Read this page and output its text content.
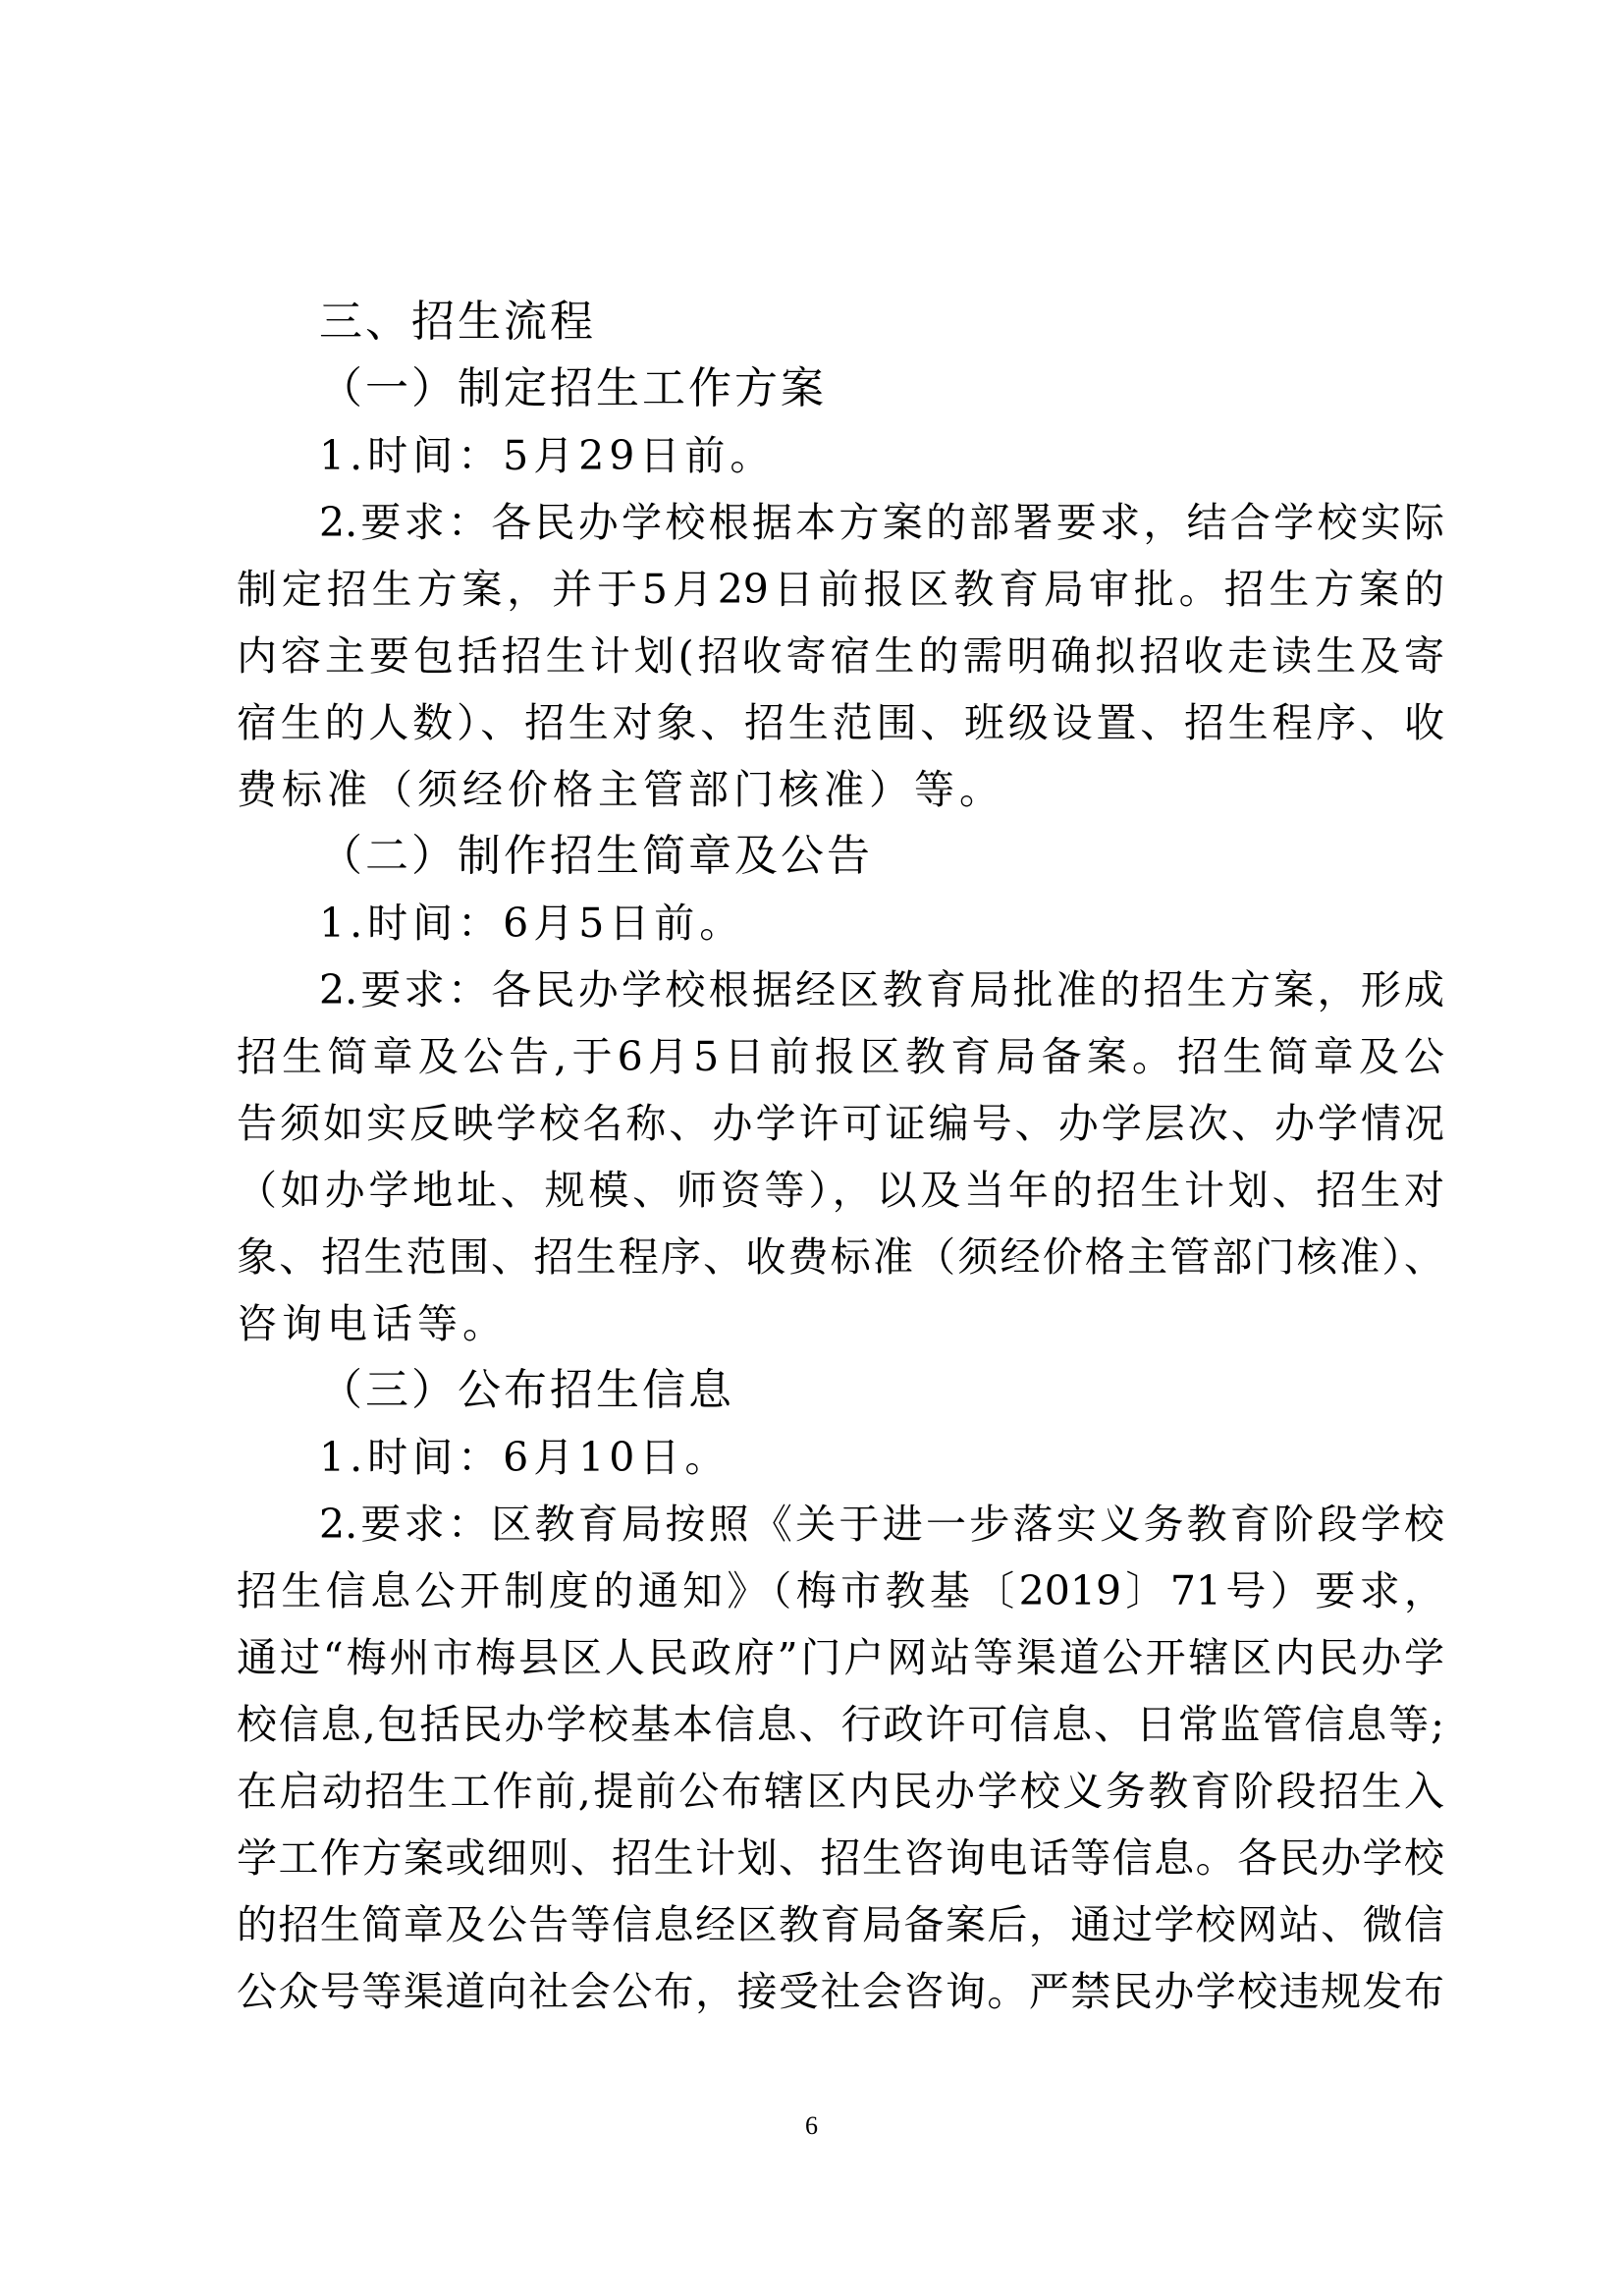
三、招生流程
（一）制定招生工作方案
1.时间：5月29日前。
2.要求：各民办学校根据本方案的部署要求，结合学校实际
制定招生方案，并于5月29日前报区教育局审批。招生方案的
内容主要包括招生计划(招收寄宿生的需明确拟招收走读生及寄
宿生的人数）、招生对象、招生范围、班级设置、招生程序、收
费标准（须经价格主管部门核准）等。
（二）制作招生简章及公告
1.时间：6月5日前。
2.要求：各民办学校根据经区教育局批准的招生方案，形成
招生简章及公告,于6月5日前报区教育局备案。招生简章及公
告须如实反映学校名称、办学许可证编号、办学层次、办学情况
（如办学地址、规模、师资等），以及当年的招生计划、招生对
象、招生范围、招生程序、收费标准（须经价格主管部门核准）、
咨询电话等。
（三）公布招生信息
1.时间：6月10日。
2.要求：区教育局按照《关于进一步落实义务教育阶段学校
招生信息公开制度的通知》（梅市教基〔2019〕71号）要求，
通过“梅州市梅县区人民政府”门户网站等渠道公开辖区内民办学
校信息,包括民办学校基本信息、行政许可信息、日常监管信息等;
在启动招生工作前,提前公布辖区内民办学校义务教育阶段招生入
学工作方案或细则、招生计划、招生咨询电话等信息。各民办学校
的招生简章及公告等信息经区教育局备案后，通过学校网站、微信
公众号等渠道向社会公布，接受社会咨询。严禁民办学校违规发布
6
